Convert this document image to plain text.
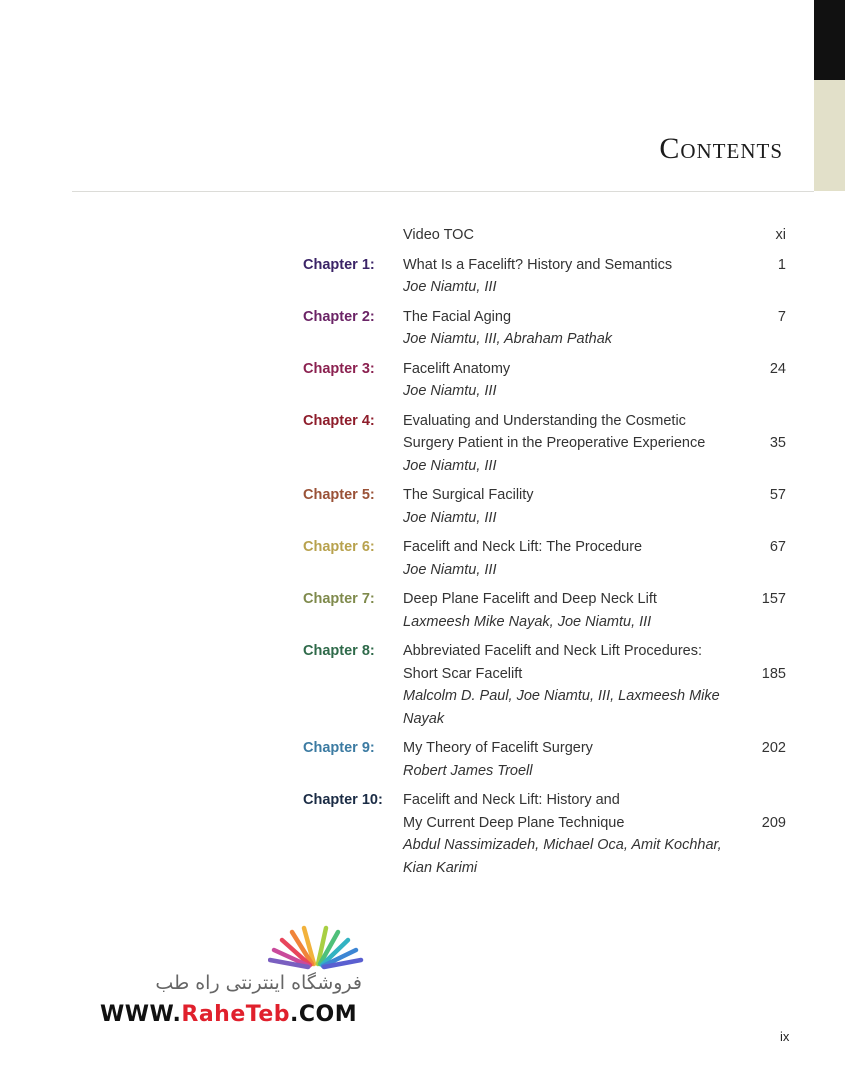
Contents
Video TOC	xi
Chapter 1: What Is a Facelift? History and Semantics
Joe Niamtu, III
1
Chapter 2: The Facial Aging
Joe Niamtu, III, Abraham Pathak
7
Chapter 3: Facelift Anatomy
Joe Niamtu, III
24
Chapter 4: Evaluating and Understanding the Cosmetic
Surgery Patient in the Preoperative Experience
Joe Niamtu, III
35
Chapter 5: The Surgical Facility
Joe Niamtu, III
57
Chapter 6: Facelift and Neck Lift: The Procedure
Joe Niamtu, III
67
Chapter 7: Deep Plane Facelift and Deep Neck Lift
Laxmeesh Mike Nayak, Joe Niamtu, III
157
Chapter 8: Abbreviated Facelift and Neck Lift Procedures:
Short Scar Facelift
Malcolm D. Paul, Joe Niamtu, III, Laxmeesh Mike Nayak
185
Chapter 9: My Theory of Facelift Surgery
Robert James Troell
202
Chapter 10: Facelift and Neck Lift: History and
My Current Deep Plane Technique
Abdul Nassimizadeh, Michael Oca, Amit Kochhar,
Kian Karimi
209
فروشگاه اینترنتی راه طب
WWW.RaheTeb.COM
ix
